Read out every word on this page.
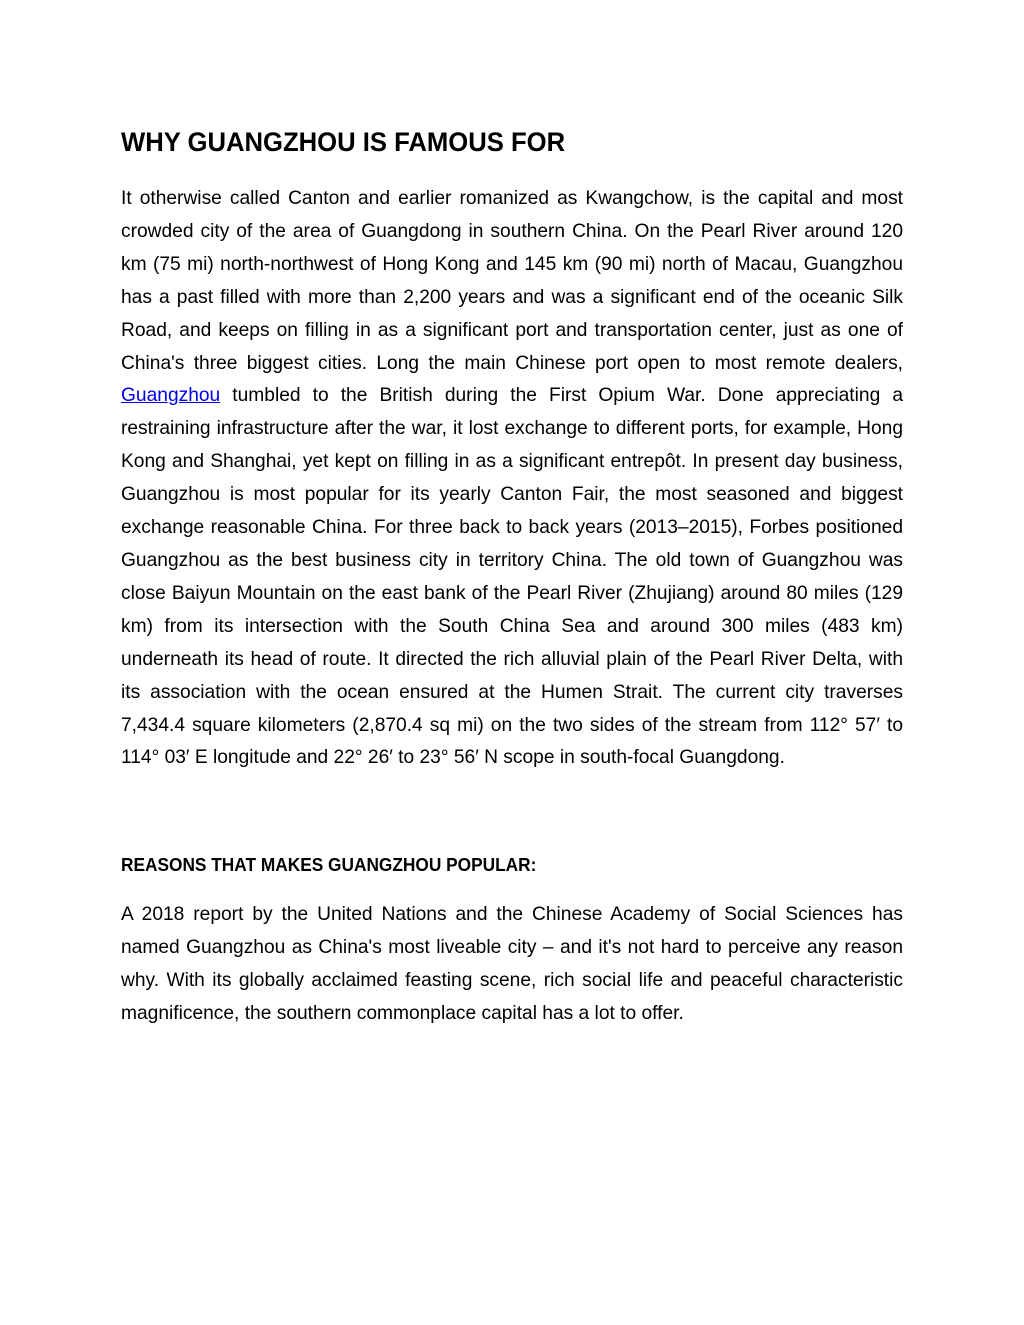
WHY GUANGZHOU IS FAMOUS FOR

It otherwise called Canton and earlier romanized as Kwangchow, is the capital and most crowded city of the area of Guangdong in southern China. On the Pearl River around 120 km (75 mi) north-northwest of Hong Kong and 145 km (90 mi) north of Macau, Guangzhou has a past filled with more than 2,200 years and was a significant end of the oceanic Silk Road, and keeps on filling in as a significant port and transportation center, just as one of China's three biggest cities. Long the main Chinese port open to most remote dealers, Guangzhou tumbled to the British during the First Opium War. Done appreciating a restraining infrastructure after the war, it lost exchange to different ports, for example, Hong Kong and Shanghai, yet kept on filling in as a significant entrepôt. In present day business, Guangzhou is most popular for its yearly Canton Fair, the most seasoned and biggest exchange reasonable China. For three back to back years (2013–2015), Forbes positioned Guangzhou as the best business city in territory China. The old town of Guangzhou was close Baiyun Mountain on the east bank of the Pearl River (Zhujiang) around 80 miles (129 km) from its intersection with the South China Sea and around 300 miles (483 km) underneath its head of route. It directed the rich alluvial plain of the Pearl River Delta, with its association with the ocean ensured at the Humen Strait. The current city traverses 7,434.4 square kilometers (2,870.4 sq mi) on the two sides of the stream from 112° 57′ to 114° 03′ E longitude and 22° 26′ to 23° 56′ N scope in south-focal Guangdong.

REASONS THAT MAKES GUANGZHOU POPULAR:

A 2018 report by the United Nations and the Chinese Academy of Social Sciences has named Guangzhou as China's most liveable city – and it's not hard to perceive any reason why. With its globally acclaimed feasting scene, rich social life and peaceful characteristic magnificence, the southern commonplace capital has a lot to offer.
